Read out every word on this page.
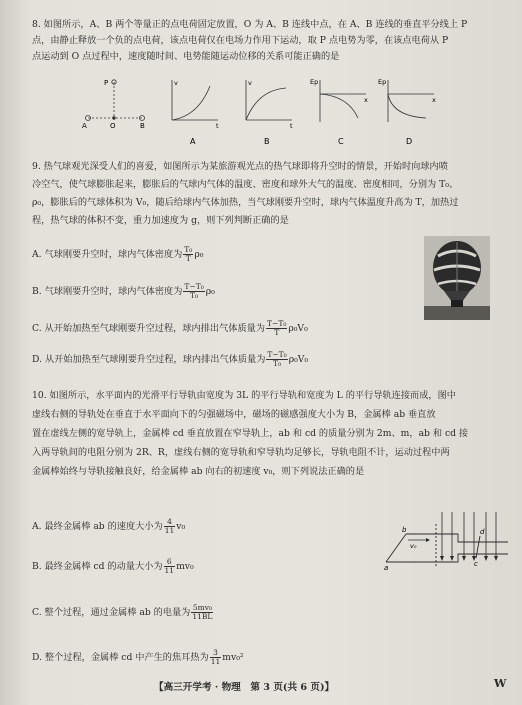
8. 如图所示，A、B 两个等量正的点电荷固定放置，O 为 A、B 连线中点，在 A、B 连线的垂直平分线上 P
点，由静止释放一个负的点电荷，该点电荷仅在电场力作用下运动，取 P 点电势为零，在该点电荷从 P
点运动到 O 点过程中，速度随时间、电势能随运动位移的关系可能正确的是
P
O
A	B
v
t
v
t
Ep
x
Ep
x
A	B	C	D
9. 热气球观光深受人们的喜爱，如图所示为某旅游观光点的热气球即将升空时的情景，开始时向球内喷
冷空气，使气球膨胀起来，膨胀后的气球内气体的温度、密度和球外大气的温度、密度相同，分别为 T₀、
ρ₀，膨胀后的气球体积为 V₀，随后给球内气体加热，当气球刚要升空时，球内气体温度升高为 T，加热过
程，热气球的体积不变，重力加速度为 g，则下列判断正确的是
A. 气球刚要升空时，球内气体密度为 $\frac{\text{T₀}}{T} \rho_0$
B. 气球刚要升空时，球内气体密度为 $\frac{\text{T−T₀}}{\text{T₀}} \rho_0$
C. 从开始加热至气球刚要升空过程，球内排出气体质量为 $\frac{\text{T−T₀}}{T} \rho_0V_0$
D. 从开始加热至气球刚要升空过程，球内排出气体质量为 $\frac{\text{T−T₀}}{\text{T₀}} \rho_0V_0$
10. 如图所示，水平面内的光滑平行导轨由宽度为 3L 的平行导轨和宽度为 L 的平行导轨连接而成，图中
虚线右侧的导轨处在垂直于水平面向下的匀强磁场中，磁场的磁感强度大小为 B，金属棒 ab 垂直放
置在虚线左侧的宽导轨上，金属棒 cd 垂直放置在窄导轨上，ab 和 cd 的质量分别为 2m、m，ab 和 cd 接
入两导轨间的电阻分别为 2R、R，虚线右侧的宽导轨和窄导轨均足够长，导轨电阻不计，运动过程中两
金属棒始终与导轨接触良好，给金属棒 ab 向右的初速度 v₀，则下列说法正确的是
A. 最终金属棒 ab 的速度大小为 $\frac{4}{11} v_0$
B. 最终金属棒 cd 的动量大小为 $\frac{6}{11} mv_0$
C. 整个过程，通过金属棒 ab 的电量为 $\frac{\text{5mv₀}}{11BL}$
D. 整个过程，金属棒 cd 中产生的焦耳热为 $\frac{3}{11} mv_0^2$
v₀
a
b
c
d
【高三开学考 · 物理　第 3 页(共 6 页)】	W
